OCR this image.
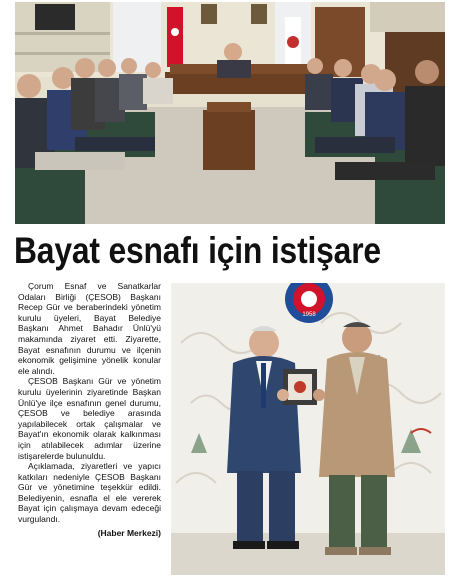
Bayat esnafı için istişare

Çorum Esnaf ve Sanatkarlar Odaları Birliği (ÇESOB) Başkanı Recep Gür ve beraberindeki yönetim kurulu üyeleri, Bayat Belediye Başkanı Ahmet Bahadır Ünlü'yü makamında ziyaret etti. Ziyarette, Bayat esnafının durumu ve ilçenin ekonomik gelişimine yönelik konular ele alındı.

ÇESOB Başkanı Gür ve yönetim kurulu üyelerinin ziyaretinde Başkan Ünlü'ye ilçe esnafının genel durumu, ÇESOB ve belediye arasında yapılabilecek ortak çalışmalar ve Bayat'ın ekonomik olarak kalkınması için atılabilecek adımlar üzerine istişarelerde bulunuldu.

Açıklamada, ziyaretleri ve yapıcı katkıları nedeniyle ÇESOB Başkanı Gür ve yönetimine teşekkür edildi. Belediyenin, esnafla el ele vererek Bayat için çalışmaya devam edeceği vurgulandı.

(Haber Merkezi)

1958
